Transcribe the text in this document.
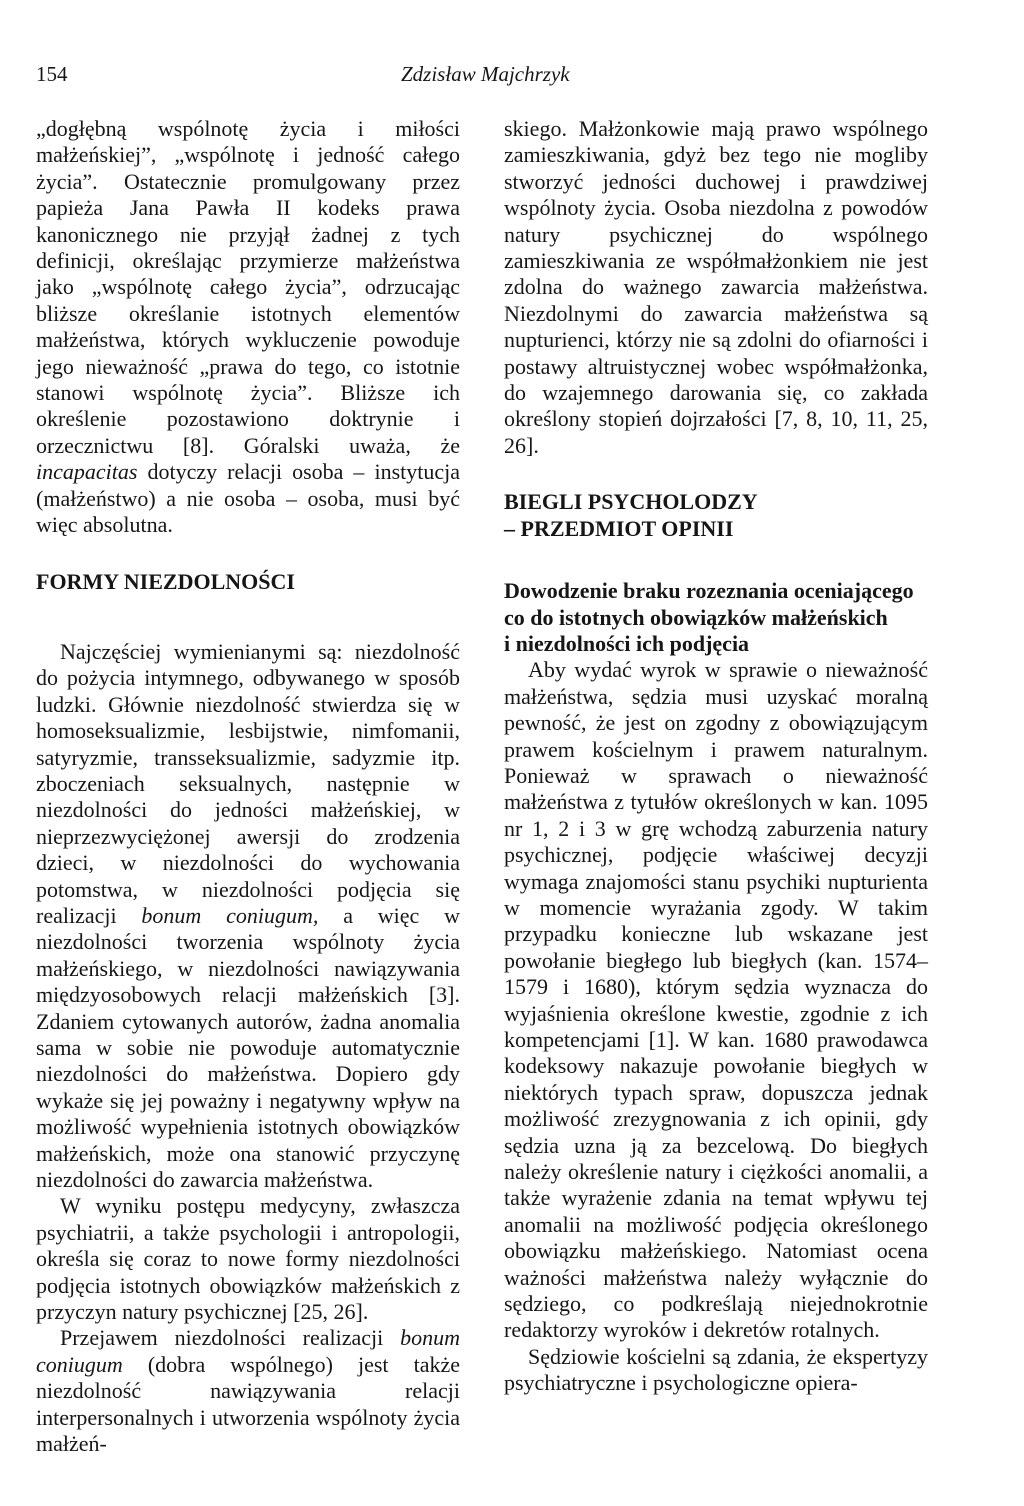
154	Zdzisław Majchrzyk

„dogłębną wspólnotę życia i miłości małżeńskiej”, „wspólnotę i jedność całego życia”. Ostatecznie promulgowany przez papieża Jana Pawła II kodeks prawa kanonicznego nie przyjął żadnej z tych definicji, określając przymierze małżeństwa jako „wspólnotę całego życia”, odrzucając bliższe określanie istotnych elementów małżeństwa, których wykluczenie powoduje jego nieważność „prawa do tego, co istotnie stanowi wspólnotę życia”. Bliższe ich określenie pozostawiono doktrynie i orzecznictwu [8]. Góralski uważa, że incapacitas dotyczy relacji osoba – instytucja (małżeństwo) a nie osoba – osoba, musi być więc absolutna.

FORMY NIEZDOLNOŚCI

Najczęściej wymienianymi są: niezdolność do pożycia intymnego, odbywanego w sposób ludzki. Głównie niezdolność stwierdza się w homoseksualizmie, lesbijstwie, nimfomanii, satyryzmie, transseksualizmie, sadyzmie itp. zboczeniach seksualnych, następnie w niezdolności do jedności małżeńskiej, w nieprzezwyciężonej awersji do zrodzenia dzieci, w niezdolności do wychowania potomstwa, w niezdolności podjęcia się realizacji bonum coniugum, a więc w niezdolności tworzenia wspólnoty życia małżeńskiego, w niezdolności nawiązywania międzyosobowych relacji małżeńskich [3]. Zdaniem cytowanych autorów, żadna anomalia sama w sobie nie powoduje automatycznie niezdolności do małżeństwa. Dopiero gdy wykaże się jej poważny i negatywny wpływ na możliwość wypełnienia istotnych obowiązków małżeńskich, może ona stanowić przyczynę niezdolności do zawarcia małżeństwa.

W wyniku postępu medycyny, zwłaszcza psychiatrii, a także psychologii i antropologii, określa się coraz to nowe formy niezdolności podjęcia istotnych obowiązków małżeńskich z przyczyn natury psychicznej [25, 26].

Przejawem niezdolności realizacji bonum coniugum (dobra wspólnego) jest także niezdolność nawiązywania relacji interpersonalnych i utworzenia wspólnoty życia małżeń-

skiego. Małżonkowie mają prawo wspólnego zamieszkiwania, gdyż bez tego nie mogliby stworzyć jedności duchowej i prawdziwej wspólnoty życia. Osoba niezdolna z powodów natury psychicznej do wspólnego zamieszkiwania ze współmałżonkiem nie jest zdolna do ważnego zawarcia małżeństwa. Niezdolnymi do zawarcia małżeństwa są nupturienci, którzy nie są zdolni do ofiarności i postawy altruistycznej wobec współmałżonka, do wzajemnego darowania się, co zakłada określony stopień dojrzałości [7, 8, 10, 11, 25, 26].

BIEGLI PSYCHOLODZY
– PRZEDMIOT OPINII
Dowodzenie braku rozeznania oceniającego
co do istotnych obowiązków małżeńskich
i niezdolności ich podjęcia

Aby wydać wyrok w sprawie o nieważność małżeństwa, sędzia musi uzyskać moralną pewność, że jest on zgodny z obowiązującym prawem kościelnym i prawem naturalnym. Ponieważ w sprawach o nieważność małżeństwa z tytułów określonych w kan. 1095 nr 1, 2 i 3 w grę wchodzą zaburzenia natury psychicznej, podjęcie właściwej decyzji wymaga znajomości stanu psychiki nupturienta w momencie wyrażania zgody. W takim przypadku konieczne lub wskazane jest powołanie biegłego lub biegłych (kan. 1574–1579 i 1680), którym sędzia wyznacza do wyjaśnienia określone kwestie, zgodnie z ich kompetencjami [1]. W kan. 1680 prawodawca kodeksowy nakazuje powołanie biegłych w niektórych typach spraw, dopuszcza jednak możliwość zrezygnowania z ich opinii, gdy sędzia uzna ją za bezcelową. Do biegłych należy określenie natury i ciężkości anomalii, a także wyrażenie zdania na temat wpływu tej anomalii na możliwość podjęcia określonego obowiązku małżeńskiego. Natomiast ocena ważności małżeństwa należy wyłącznie do sędziego, co podkreślają niejednokrotnie redaktorzy wyroków i dekretów rotalnych.

Sędziowie kościelni są zdania, że ekspertyzy psychiatryczne i psychologiczne opiera-
